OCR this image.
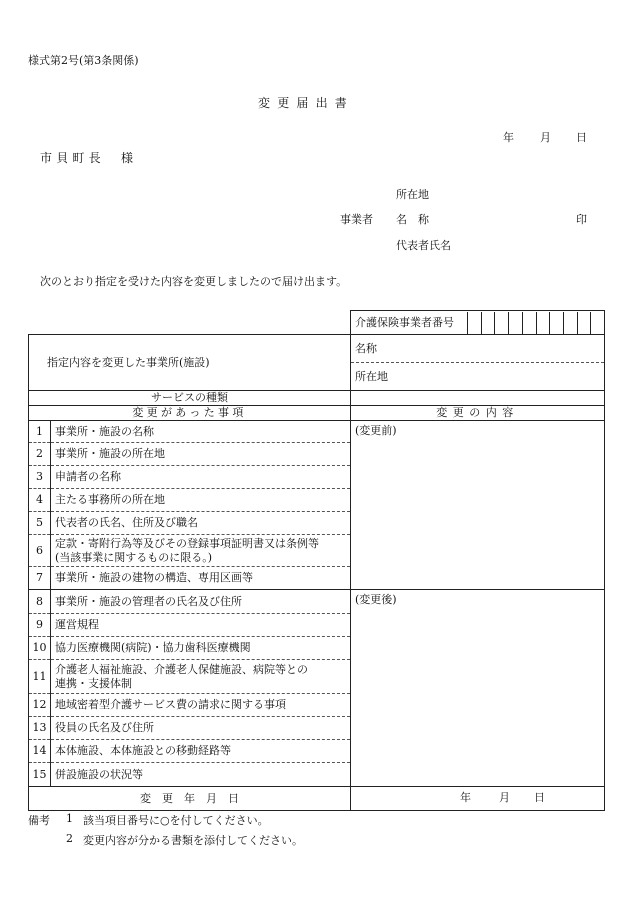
様式第2号(第3条関係)
変更届出書
年 月 日
市貝町長　様
所在地
事業者 名　称	印
代表者氏名
次のとおり指定を受けた内容を変更しましたので届け出ます。

介護保険事業者番号

指定内容を変更した事業所(施設)		名称
所在地

サービスの種類		
変更があった事項		変更の内容
1	事業所・施設の名称	(変更前)
2	事業所・施設の所在地	
3	申請者の名称	
4	主たる事務所の所在地	
5	代表者の氏名、住所及び職名	
6	定款・寄附行為等及びその登録事項証明書又は条例等
(当該事業に関するものに限る。)	

7	事業所・施設の建物の構造、専用区画等	
8	事業所・施設の管理者の氏名及び住所	(変更後)
9	運営規程	
10	協力医療機関(病院)・協力歯科医療機関	
11	介護老人福祉施設、介護老人保健施設、病院等との
連携・支援体制	

12	地域密着型介護サービス費の請求に関する事項	
13	役員の氏名及び住所	
14	本体施設、本体施設との移動経路等	
15	併設施設の状況等	
変　更　年　月　日		年 月 日
備考 1 該当項目番号に○を付してください。
2 変更内容が分かる書類を添付してください。
